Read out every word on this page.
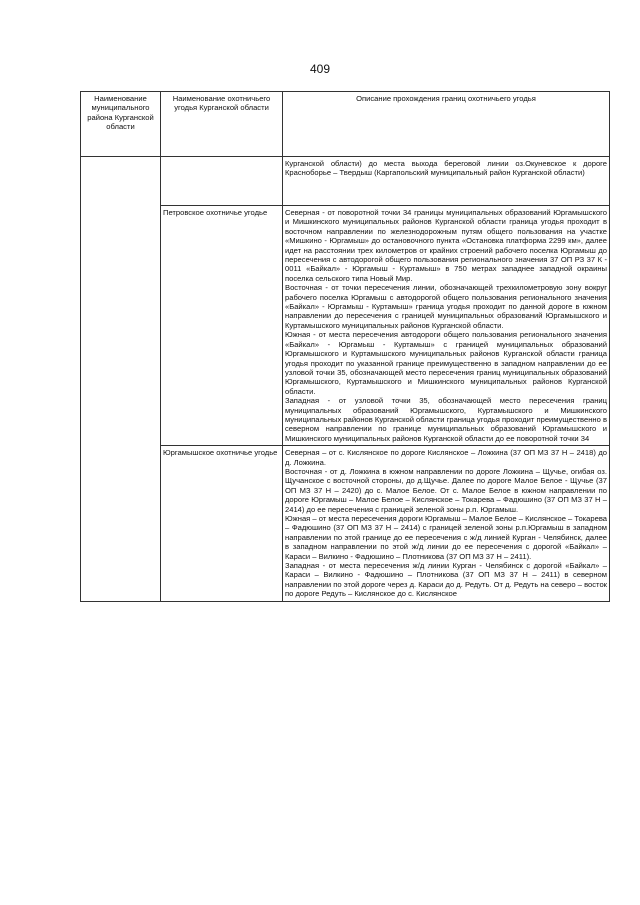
409
Наименование муниципального района Курганской области	Наименование охотничьего угодья Курганской области	Описание прохождения границ охотничьего угодья

		Курганской области) до места выхода береговой линии оз.Окуневское к дороге Красноборье – Твердыш (Каргапольский муниципальный район Курганской области)

	Петровское охотничье угодье	Северная - от поворотной точки 34 границы муниципальных образований Юргамышского и Мишкинского муниципальных районов Курганской области граница угодья проходит в восточном направлении по железнодорожным путям общего пользования на участке «Мишкино - Юргамыш» до остановочного пункта «Остановка платформа 2299 км», далее идет на расстоянии трех километров от крайних строений рабочего поселка Юргамыш до пересечения с автодорогой общего пользования регионального значения 37 ОП РЗ 37 К - 0011 «Байкал» - Юргамыш - Куртамыш» в 750 метрах западнее западной окраины поселка сельского типа Новый Мир.
Восточная - от точки пересечения линии, обозначающей трехкилометровую зону вокруг рабочего поселка Юргамыш с автодорогой общего пользования регионального значения «Байкал» - Юргамыш - Куртамыш» граница угодья проходит по данной дороге в южном направлении до пересечения с границей муниципальных образований Юргамышского и Куртамышского муниципальных районов Курганской области.
Южная - от места пересечения автодороги общего пользования регионального значения «Байкал» - Юргамыш - Куртамыш» с границей муниципальных образований Юргамышского и Куртамышского муниципальных районов Курганской области граница угодья проходит по указанной границе преимущественно в западном направлении до ее узловой точки 35, обозначающей место пересечения границ муниципальных образований Юргамышского, Куртамышского и Мишкинского муниципальных районов Курганской области.
Западная - от узловой точки 35, обозначающей место пересечения границ муниципальных образований Юргамышского, Куртамышского и Мишкинского муниципальных районов Курганской области граница угодья проходит преимущественно в северном направлении по границе муниципальных образований Юргамышского и Мишкинского муниципальных районов Курганской области до ее поворотной точки 34

	Юргамышское охотничье угодье	Северная – от с. Кислянское по дороге Кислянское – Ложкина (37 ОП МЗ 37 Н – 2418) до д. Ложкина.
Восточная - от д. Ложкина в южном направлении по дороге Ложкина – Щучье, огибая оз. Щучанское с восточной стороны, до д.Щучье. Далее по дороге Малое Белое - Щучье (37 ОП МЗ 37 Н – 2420) до с. Малое Белое. От с. Малое Белое в южном направлении по дороге Юргамыш – Малое Белое – Кислянское – Токарева – Фадюшино (37 ОП МЗ 37 Н – 2414) до ее пересечения с границей зеленой зоны р.п. Юргамыш.
Южная – от места пересечения дороги Юргамыш – Малое Белое – Кислянское – Токарева – Фадюшино (37 ОП МЗ 37 Н – 2414) с границей зеленой зоны р.п.Юргамыш в западном направлении по этой границе до ее пересечения с ж/д линией Курган - Челябинск, далее в западном направлении по этой ж/д линии до ее пересечения с дорогой «Байкал» – Караси – Вилкино - Фадюшино – Плотникова (37 ОП МЗ 37 Н – 2411).
Западная - от места пересечения ж/д линии Курган - Челябинск с дорогой «Байкал» – Караси – Вилкино - Фадюшино – Плотникова (37 ОП МЗ 37 Н – 2411) в северном направлении по этой дороге через д. Караси до д. Редуть. От д. Редуть на северо – восток по дороге Редуть – Кислянское до с. Кислянское
